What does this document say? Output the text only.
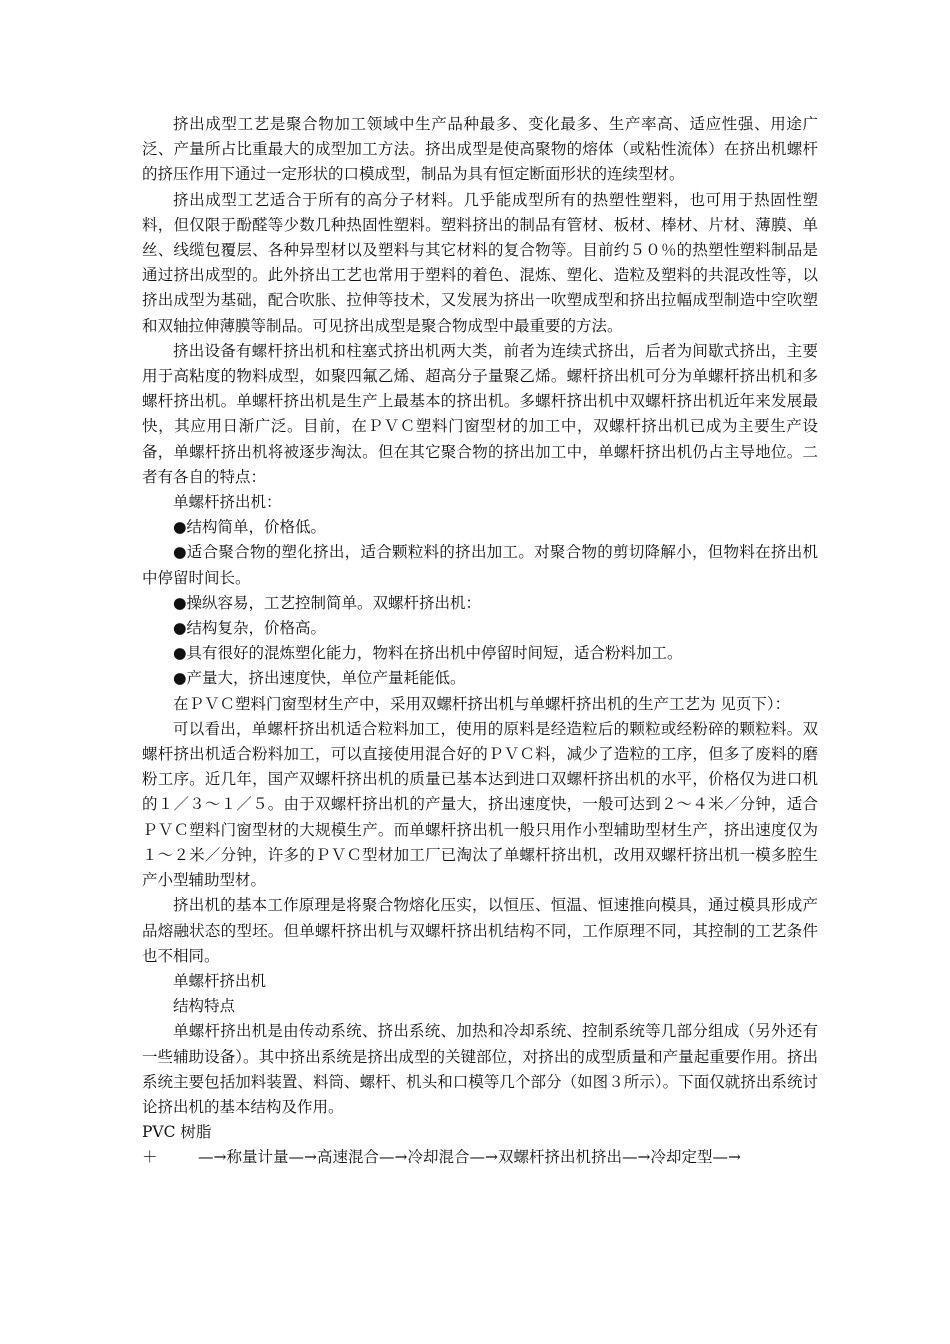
挤出成型工艺是聚合物加工领域中生产品种最多、变化最多、生产率高、适应性强、用途广泛、产量所占比重最大的成型加工方法。挤出成型是使高聚物的熔体（或粘性流体）在挤出机螺杆的挤压作用下通过一定形状的口模成型，制品为具有恒定断面形状的连续型材。

挤出成型工艺适合于所有的高分子材料。几乎能成型所有的热塑性塑料，也可用于热固性塑料，但仅限于酚醛等少数几种热固性塑料。塑料挤出的制品有管材、板材、棒材、片材、薄膜、单 丝、线缆包覆层、各种异型材以及塑料与其它材料的复合物等。目前约５０％的热塑性塑料制品是通过挤出成型的。此外挤出工艺也常用于塑料的着色、混炼、塑化、造粒及塑料的共混改性等，以挤出成型为基础，配合吹胀、拉伸等技术，又发展为挤出一吹塑成型和挤出拉幅成型制造中空吹塑和双轴拉伸薄膜等制品。可见挤出成型是聚合物成型中最重要的方法。

挤出设备有螺杆挤出机和柱塞式挤出机两大类，前者为连续式挤出，后者为间歇式挤出，主要用于高粘度的物料成型，如聚四氟乙烯、超高分子量聚乙烯。螺杆挤出机可分为单螺杆挤出机和多螺杆挤出机。单螺杆挤出机是生产上最基本的挤出机。多螺杆挤出机中双螺杆挤出机近年来发展最快，其应用日渐广泛。目前，在ＰＶＣ塑料门窗型材的加工中，双螺杆挤出机已成为主要生产设备，单螺杆挤出机将被逐步淘汰。但在其它聚合物的挤出加工中，单螺杆挤出机仍占主导地位。二者有各自的特点：

单螺杆挤出机：

●结构简单，价格低。

●适合聚合物的塑化挤出，适合颗粒料的挤出加工。对聚合物的剪切降解小，但物料在挤出机中停留时间长。

●操纵容易，工艺控制简单。双螺杆挤出机：

●结构复杂，价格高。

●具有很好的混炼塑化能力，物料在挤出机中停留时间短，适合粉料加工。

●产量大，挤出速度快，单位产量耗能低。

在ＰＶＣ塑料门窗型材生产中，采用双螺杆挤出机与单螺杆挤出机的生产工艺为 见页下）：

可以看出，单螺杆挤出机适合粒料加工，使用的原料是经造粒后的颗粒或经粉碎的颗粒料。双螺杆挤出机适合粉料加工，可以直接使用混合好的ＰＶＣ料，减少了造粒的工序，但多了废料的磨粉工序。近几年，国产双螺杆挤出机的质量已基本达到进口双螺杆挤出机的水平，价格仅为进口机的１／３～１／５。由于双螺杆挤出机的产量大，挤出速度快，一般可达到２～４米／分钟，适合ＰＶＣ塑料门窗型材的大规模生产。而单螺杆挤出机一般只用作小型辅助型材生产，挤出速度仅为１～２米／分钟，许多的ＰＶＣ型材加工厂已淘汰了单螺杆挤出机，改用双螺杆挤出机一模多腔生产小型辅助型材。

挤出机的基本工作原理是将聚合物熔化压实，以恒压、恒温、恒速推向模具，通过模具形成产品熔融状态的型坯。但单螺杆挤出机与双螺杆挤出机结构不同，工作原理不同，其控制的工艺条件也不相同。

单螺杆挤出机

结构特点

单螺杆挤出机是由传动系统、挤出系统、加热和冷却系统、控制系统等几部分组成（另外还有一些辅助设备）。其中挤出系统是挤出成型的关键部位，对挤出的成型质量和产量起重要作用。挤出系统主要包括加料装置、料筒、螺杆、机头和口模等几个部分（如图３所示）。下面仅就挤出系统讨论挤出机的基本结构及作用。

PVC 树脂

＋	—→称量计量—→高速混合—→冷却混合—→双螺杆挤出机挤出—→冷却定型—→
